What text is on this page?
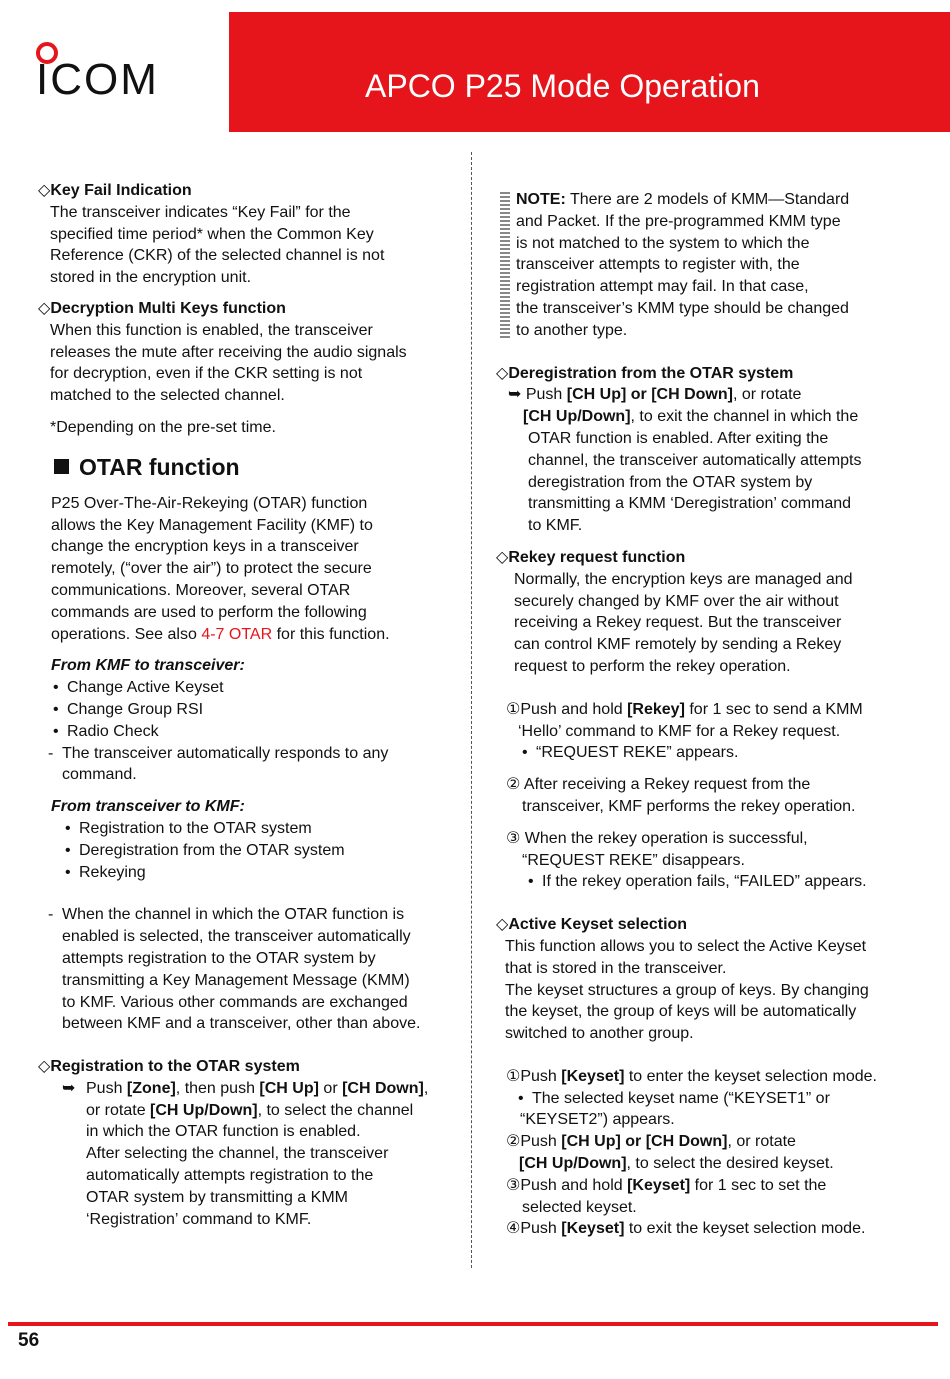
ICOM	APCO P25 Mode Operation

◇Key Fail Indication

The transceiver indicates “Key Fail” for the

specified time period* when the Common Key

Reference (CKR) of the selected channel is not

stored in the encryption unit.

◇Decryption Multi Keys function

When this function is enabled, the transceiver

releases the mute after receiving the audio signals

for decryption, even if the CKR setting is not

matched to the selected channel.

*Depending on the pre-set time.

OTAR function

P25 Over-The-Air-Rekeying (OTAR) function

allows the Key Management Facility (KMF) to

change the encryption keys in a transceiver

remotely, (“over the air”) to protect the secure

communications. Moreover, several OTAR

commands are used to perform the following

operations. See also 4-7 OTAR for this function.

From KMF to transceiver:

• Change Active Keyset
• Change Group RSI
• Radio Check

- The transceiver automatically responds to any

command.

From transceiver to KMF:

• Registration to the OTAR system
• Deregistration from the OTAR system
• Rekeying

- When the channel in which the OTAR function is

enabled is selected, the transceiver automatically

attempts registration to the OTAR system by

transmitting a Key Management Message (KMM)

to KMF. Various other commands are exchanged

between KMF and a transceiver, other than above.

◇Registration to the OTAR system

➥ Push [Zone], then push [CH Up] or [CH Down],

or rotate [CH Up/Down], to select the channel

in which the OTAR function is enabled.

After selecting the channel, the transceiver

automatically attempts registration to the

OTAR system by transmitting a KMM

‘Registration’ command to KMF.

NOTE: There are 2 models of KMM—Standard

and Packet. If the pre-programmed KMM type

is not matched to the system to which the

transceiver attempts to register with, the

registration attempt may fail. In that case,

the transceiver’s KMM type should be changed

to another type.

◇Deregistration from the OTAR system

➥ Push [CH Up] or [CH Down], or rotate

[CH Up/Down], to exit the channel in which the

OTAR function is enabled. After exiting the

channel, the transceiver automatically attempts

deregistration from the OTAR system by

transmitting a KMM ‘Deregistration’ command

to KMF.

◇Rekey request function

Normally, the encryption keys are managed and

securely changed by KMF over the air without

receiving a Rekey request. But the transceiver

can control KMF remotely by sending a Rekey

request to perform the rekey operation.

①Push and hold [Rekey] for 1 sec to send a KMM

‘Hello’ command to KMF for a Rekey request.

• “REQUEST REKE” appears.

② After receiving a Rekey request from the

transceiver, KMF performs the rekey operation.

③ When the rekey operation is successful,

“REQUEST REKE” disappears.

• If the rekey operation fails, “FAILED” appears.

◇Active Keyset selection

This function allows you to select the Active Keyset

that is stored in the transceiver.

The keyset structures a group of keys. By changing

the keyset, the group of keys will be automatically

switched to another group.

①Push [Keyset] to enter the keyset selection mode.

• The selected keyset name (“KEYSET1” or

“KEYSET2”) appears.

②Push [CH Up] or [CH Down], or rotate

[CH Up/Down], to select the desired keyset.

③Push and hold [Keyset] for 1 sec to set the

selected keyset.

④Push [Keyset] to exit the keyset selection mode.

56
